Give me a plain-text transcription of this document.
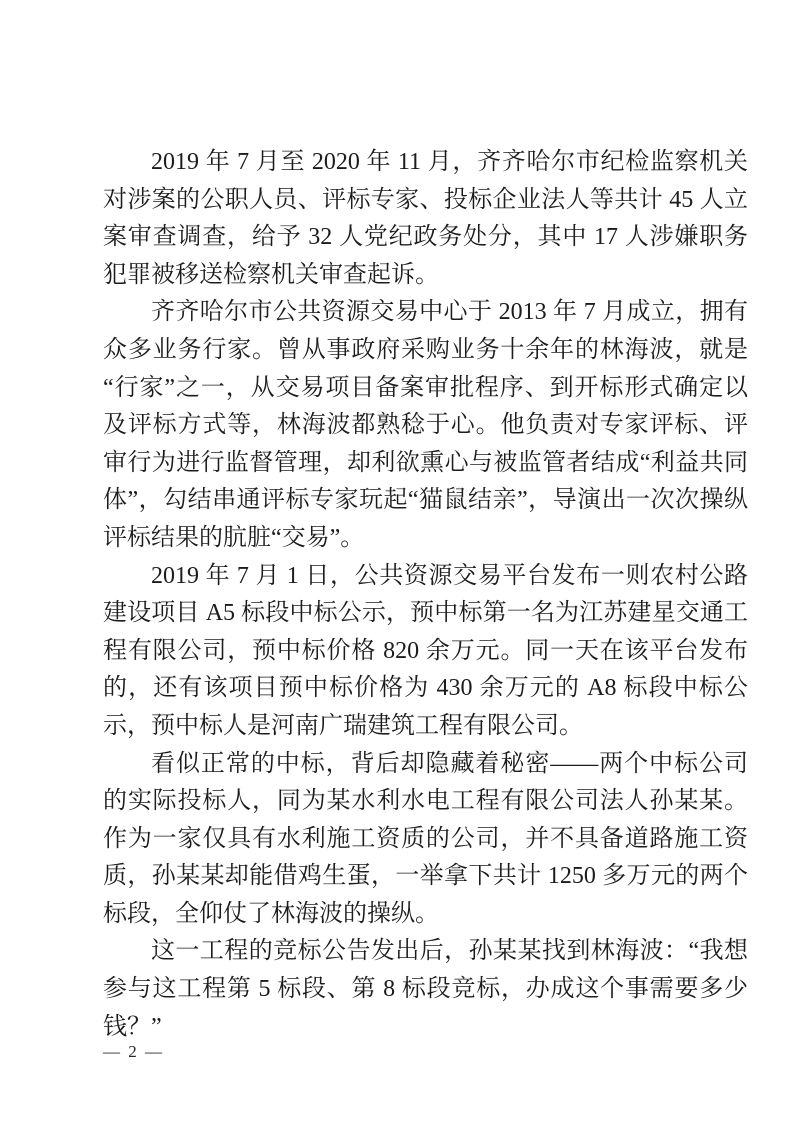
2019 年 7 月至 2020 年 11 月，齐齐哈尔市纪检监察机关对涉案的公职人员、评标专家、投标企业法人等共计 45 人立案审查调查，给予 32 人党纪政务处分，其中 17 人涉嫌职务犯罪被移送检察机关审查起诉。

齐齐哈尔市公共资源交易中心于 2013 年 7 月成立，拥有众多业务行家。曾从事政府采购业务十余年的林海波，就是“行家”之一，从交易项目备案审批程序、到开标形式确定以及评标方式等，林海波都熟稔于心。他负责对专家评标、评审行为进行监督管理，却利欲熏心与被监管者结成“利益共同体”，勾结串通评标专家玩起“猫鼠结亲”，导演出一次次操纵评标结果的肮脏“交易”。

2019 年 7 月 1 日，公共资源交易平台发布一则农村公路建设项目 A5 标段中标公示，预中标第一名为江苏建星交通工程有限公司，预中标价格 820 余万元。同一天在该平台发布的，还有该项目预中标价格为 430 余万元的 A8 标段中标公示，预中标人是河南广瑞建筑工程有限公司。

看似正常的中标，背后却隐藏着秘密——两个中标公司的实际投标人，同为某水利水电工程有限公司法人孙某某。作为一家仅具有水利施工资质的公司，并不具备道路施工资质，孙某某却能借鸡生蛋，一举拿下共计 1250 多万元的两个标段，全仰仗了林海波的操纵。

这一工程的竞标公告发出后，孙某某找到林海波：“我想参与这工程第 5 标段、第 8 标段竞标，办成这个事需要多少钱？”

— 2 —
